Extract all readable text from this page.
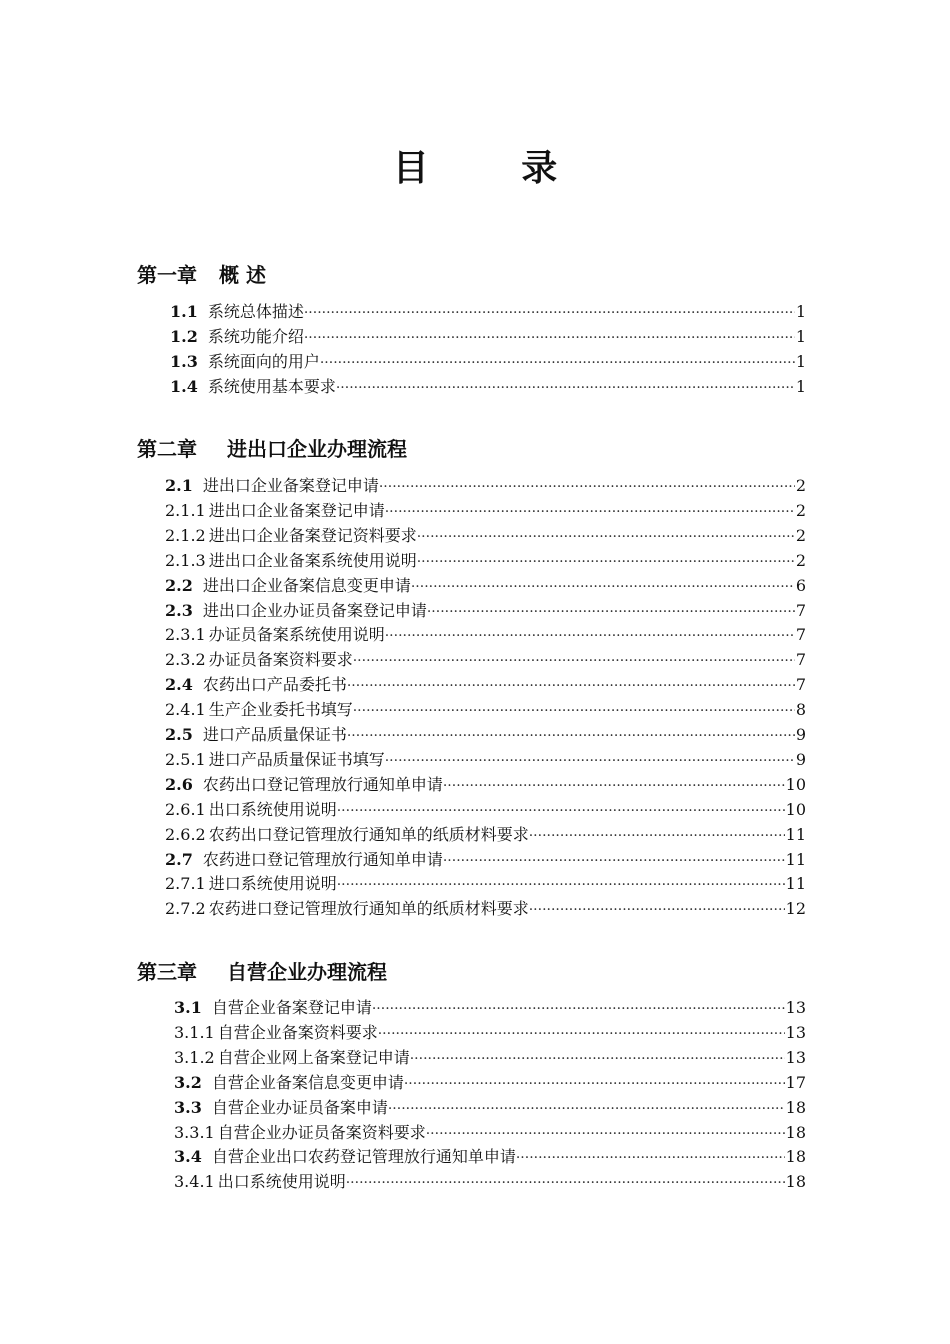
目 录
第一章 概 述
1.1 系统总体描述 ·····	1
1.2 系统功能介绍 ·····	1
1.3 系统面向的用户 ·····	1
1.4 系统使用基本要求 ·····	1
第二章 进出口企业办理流程
2.1 进出口企业备案登记申请 ·····	2
2.1.1 进出口企业备案登记申请 ·····	2
2.1.2 进出口企业备案登记资料要求 ·····	2
2.1.3 进出口企业备案系统使用说明 ·····	2
2.2 进出口企业备案信息变更申请 ·····	6
2.3 进出口企业办证员备案登记申请 ·····	7
2.3.1 办证员备案系统使用说明 ·····	7
2.3.2 办证员备案资料要求 ·····	7
2.4 农药出口产品委托书 ·····	7
2.4.1 生产企业委托书填写 ·····	8
2.5 进口产品质量保证书 ·····	9
2.5.1 进口产品质量保证书填写 ·····	9
2.6 农药出口登记管理放行通知单申请 ·····	10
2.6.1 出口系统使用说明 ·····	10
2.6.2 农药出口登记管理放行通知单的纸质材料要求 ·····	11
2.7 农药进口登记管理放行通知单申请 ·····	11
2.7.1 进口系统使用说明 ·····	11
2.7.2 农药进口登记管理放行通知单的纸质材料要求 ·····	12
第三章 自营企业办理流程
3.1 自营企业备案登记申请 ·····	13
3.1.1 自营企业备案资料要求 ·····	13
3.1.2 自营企业网上备案登记申请 ·····	13
3.2 自营企业备案信息变更申请 ·····	17
3.3 自营企业办证员备案申请 ·····	18
3.3.1 自营企业办证员备案资料要求 ·····	18
3.4 自营企业出口农药登记管理放行通知单申请 ·····	18
3.4.1 出口系统使用说明 ·····	18
